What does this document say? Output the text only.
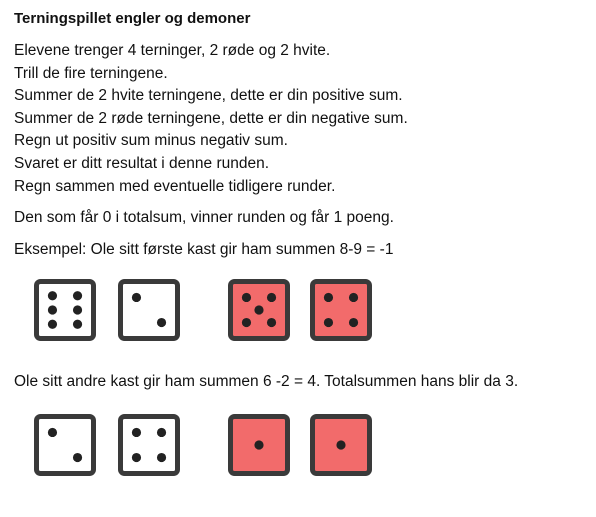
Terningspillet engler og demoner
Elevene trenger 4 terninger, 2 røde og 2 hvite.
Trill de fire terningene.
Summer de 2 hvite terningene, dette er din positive sum.
Summer de 2 røde terningene, dette er din negative sum.
Regn ut positiv sum minus negativ sum.
Svaret er ditt resultat i denne runden.
Regn sammen med eventuelle tidligere runder.
Den som får 0 i totalsum, vinner runden og får 1 poeng.
Eksempel: Ole sitt første kast gir ham summen 8-9 = -1
Ole sitt andre kast gir ham summen 6 -2 = 4. Totalsummen hans blir da 3.
